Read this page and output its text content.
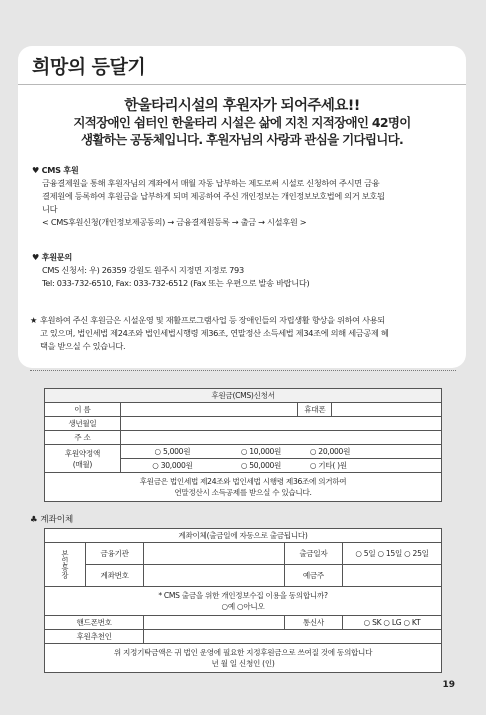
희망의 등달기
한울타리시설의 후원자가 되어주세요!!
지적장애인 쉼터인 한울타리 시설은 삶에 지친 지적장애인 42명이
생활하는 공동체입니다. 후원자님의 사랑과 관심을 기다립니다.
♥ CMS 후원
금융결제원을 통해 후원자님의 계좌에서 매월 자동 납부하는 제도로써 시설로 신청하여 주시면 금융
결제원에 등록하여 후원금을 납부하게 되며 제공하여 주신 개인정보는 개인정보보호법에 의거 보호됩
니다
< CMS후원신청(개인정보제공동의) → 금융결제원등록 → 출금 → 시설후원 >
♥ 후원문의
CMS 신청서: 우) 26359 강원도 원주시 지정면 지정로 793
Tel: 033-732-6510, Fax: 033-732-6512 (Fax 또는 우편으로 발송 바랍니다)
★ 후원하여 주신 후원금은 시설운영 및 재활프로그램사업 등 장애인들의 자립생활 향상을 위하여 사용되
고 있으며, 법인세법 제24조와 법인세법시행령 제36조, 연말정산 소득세법 제34조에 의해 세금공제 혜
택을 받으실 수 있습니다.
후원금(CMS)신청서				
이 름			휴대폰	
생년월일				
주 소				

후원약정액
(매월)	○ 5,000원	○ 10,000원	○ 20,000원	
	○ 30,000원	○ 50,000원	○ 기타( )원	

후원금은 법인세법 제24조와 법인세법 시행령 제36조에 의거하여
연말정산시 소득공제를 받으실 수 있습니다.				
♣ 계좌이체
계좌이체(출금일에 자동으로 출금됩니다)				
본인통장	금융기관		출금일자	○ 5일 ○ 15일 ○ 25일
	계좌번호		예금주	

* CMS 출금을 위한 개인정보수집 이용을 동의합니까?
○예 ○아니오				

핸드폰번호			통신사	○ SK ○ LG ○ KT
후원추천인				

위 지정기탁금액은 귀 법인 운영에 필요한 지정후원금으로 쓰여질 것에 동의합니다
년 월 일 신청인 (인)				
19
